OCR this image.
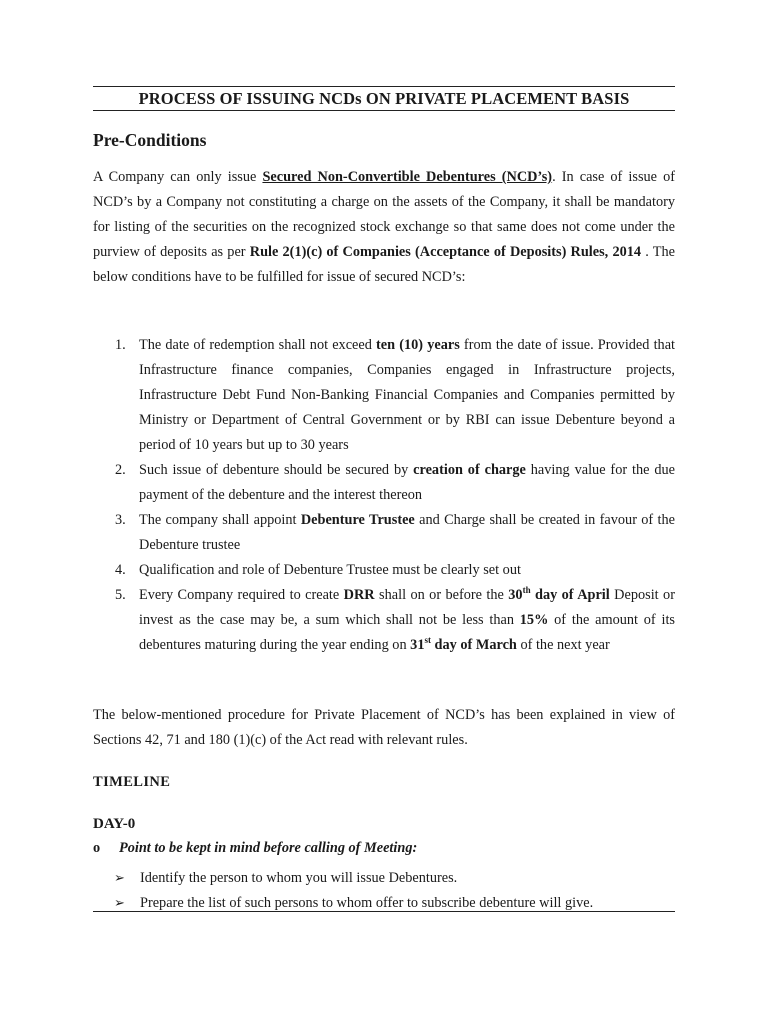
PROCESS OF ISSUING NCDs ON PRIVATE PLACEMENT BASIS
Pre-Conditions

A Company can only issue Secured Non-Convertible Debentures (NCD’s). In case of issue of NCD’s by a Company not constituting a charge on the assets of the Company, it shall be mandatory for listing of the securities on the recognized stock exchange so that same does not come under the purview of deposits as per Rule 2(1)(c) of Companies (Acceptance of Deposits) Rules, 2014 . The below conditions have to be fulfilled for issue of secured NCD’s:

1. The date of redemption shall not exceed ten (10) years from the date of issue. Provided that Infrastructure finance companies, Companies engaged in Infrastructure projects, Infrastructure Debt Fund Non-Banking Financial Companies and Companies permitted by Ministry or Department of Central Government or by RBI can issue Debenture beyond a period of 10 years but up to 30 years
2. Such issue of debenture should be secured by creation of charge having value for the due payment of the debenture and the interest thereon
3. The company shall appoint Debenture Trustee and Charge shall be created in favour of the Debenture trustee
4. Qualification and role of Debenture Trustee must be clearly set out
5. Every Company required to create DRR shall on or before the 30th day of April Deposit or invest as the case may be, a sum which shall not be less than 15% of the amount of its debentures maturing during the year ending on 31st day of March of the next year

The below-mentioned procedure for Private Placement of NCD’s has been explained in view of Sections 42, 71 and 180 (1)(c) of the Act read with relevant rules.

TIMELINE
DAY-0
o Point to be kept in mind before calling of Meeting:
➢ Identify the person to whom you will issue Debentures.
➢ Prepare the list of such persons to whom offer to subscribe debenture will give.
